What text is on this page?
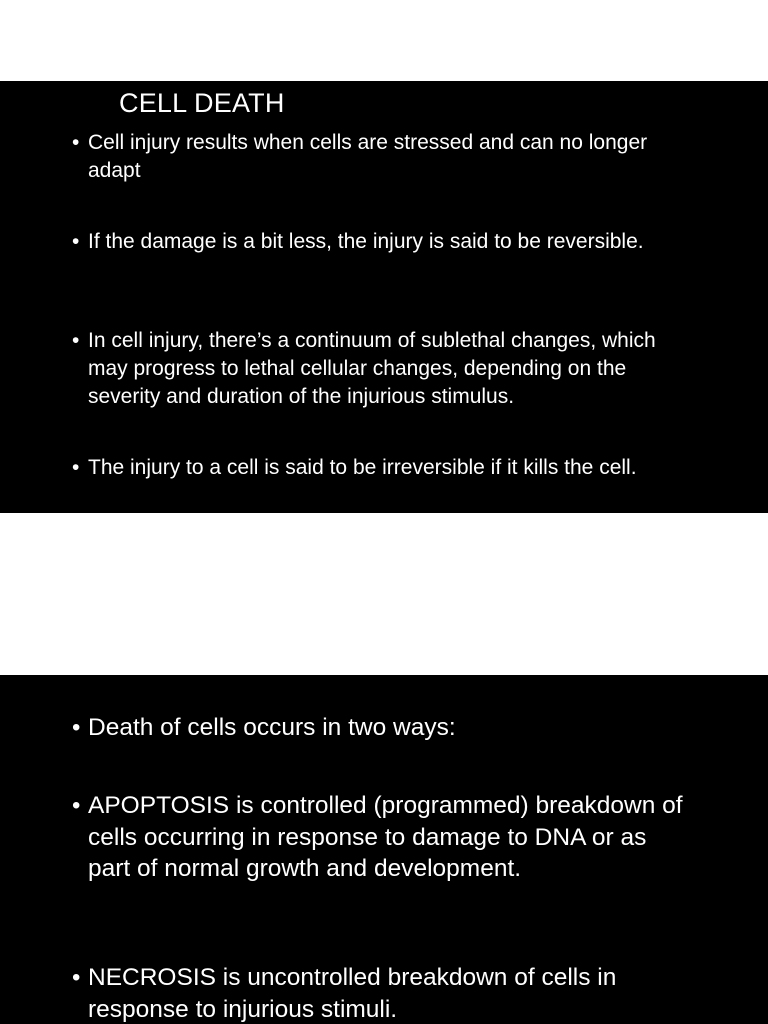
CELL DEATH
• Cell injury results when cells are stressed and can no longer adapt
• If the damage is a bit less, the injury is said to be reversible.
• In cell injury, there’s a continuum of sublethal changes, which may progress to lethal cellular changes, depending on the severity and duration of the injurious stimulus.
• The injury to a cell is said to be irreversible if it kills the cell.
• Death of cells occurs in two ways:
• APOPTOSIS is controlled (programmed) breakdown of cells occurring in response to damage to DNA or as part of normal growth and development.
• NECROSIS is uncontrolled breakdown of cells in response to injurious stimuli.
